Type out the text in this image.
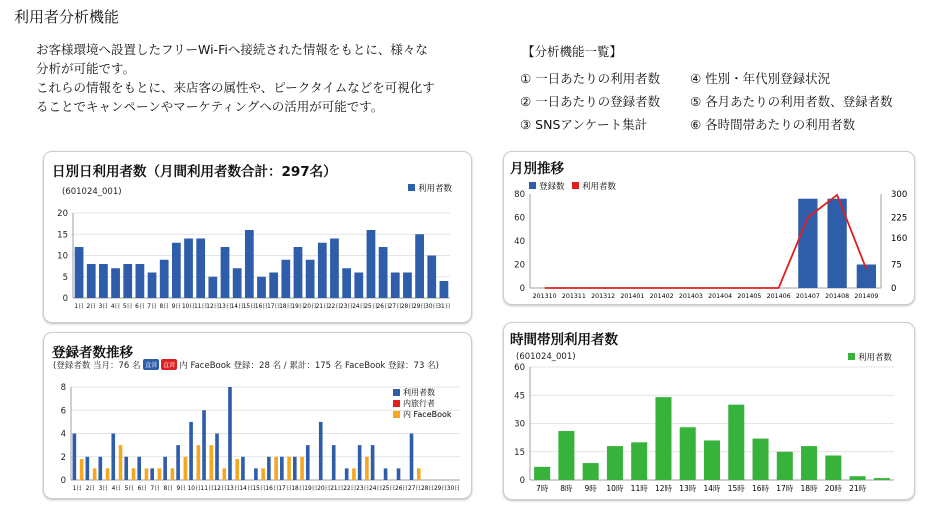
利用者分析機能
お客様環境へ設置したフリーWi-Fiへ接続された情報をもとに、様々な
分析が可能です。
これらの情報をもとに、来店客の属性や、ピークタイムなどを可視化す
ることでキャンペーンやマーケティングへの活用が可能です。
【分析機能一覧】
① 一日あたりの利用者数
② 一日あたりの登録者数
③ SNSアンケート集計
④ 性別・年代別登録状況
⑤ 各月あたりの利用者数、登録者数
⑥ 各時間帯あたりの利用者数
日別日利用者数（月間利用者数合計：297名）
(601024_001)	利用者数
0
5
10
15
20
1日 2日 3日 4日 5日 6日 7日 8日 9日 10日
11日
12日
13日
14日
15日
16日
17日
18日
19日
20日
21日
22日
23日
24日
25日
26日
27日
28日
29日
30日
31日
月別推移
登録数 利用者数
0
20
40
60
80
0
75
160
225
300
201310 201311 201312 201401 201402 201403 201404 201405 201406 201407 201408 201409
登録者数推移
(登録者数 当月：76 名 直営 直営 内 FaceBook 登録：28 名 / 累計：175 名 FaceBook 登録：73 名)
利用者数
内旅行者
内 FaceBook
0
2
4
6
8
1日 2日 3日 4日 5日 6日 7日 8日 9日 10日 11日 12日 13日 14日 15日 16日 17日 18日 19日 20日 21日 22日 23日 24日 25日 26日 27日 28日 29日 30日
時間帯別利用者数
(601024_001)	利用者数
0
15
30
45
60
7時 8時 9時 10時 11時 12時 13時 14時 15時 16時 17時 18時 20時 21時
